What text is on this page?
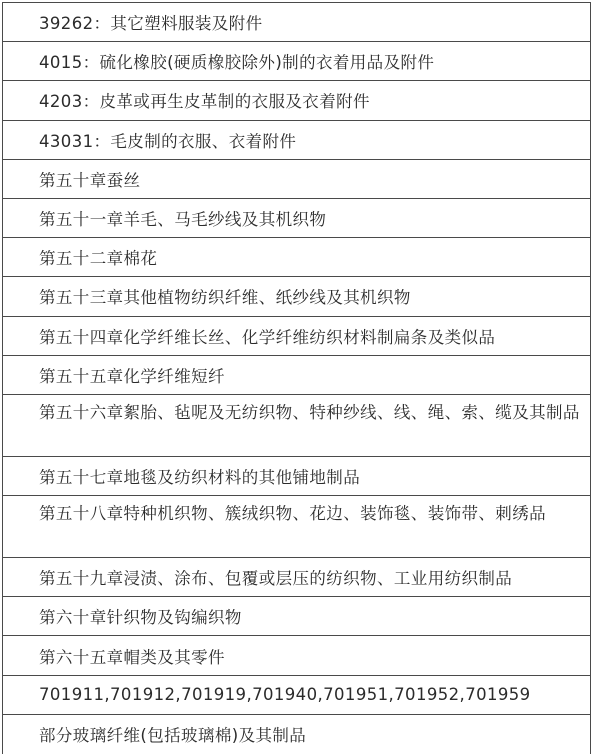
39262：其它塑料服装及附件
4015：硫化橡胶(硬质橡胶除外)制的衣着用品及附件
4203：皮革或再生皮革制的衣服及衣着附件
43031：毛皮制的衣服、衣着附件
第五十章蚕丝
第五十一章羊毛、马毛纱线及其机织物
第五十二章棉花
第五十三章其他植物纺织纤维、纸纱线及其机织物
第五十四章化学纤维长丝、化学纤维纺织材料制扁条及类似品
第五十五章化学纤维短纤
第五十六章絮胎、毡呢及无纺织物、特种纱线、线、绳、索、缆及其制品
第五十七章地毯及纺织材料的其他铺地制品
第五十八章特种机织物、簇绒织物、花边、装饰毯、装饰带、刺绣品
第五十九章浸渍、涂布、包覆或层压的纺织物、工业用纺织制品
第六十章针织物及钩编织物
第六十五章帽类及其零件
701911,701912,701919,701940,701951,701952,701959
部分玻璃纤维(包括玻璃棉)及其制品
